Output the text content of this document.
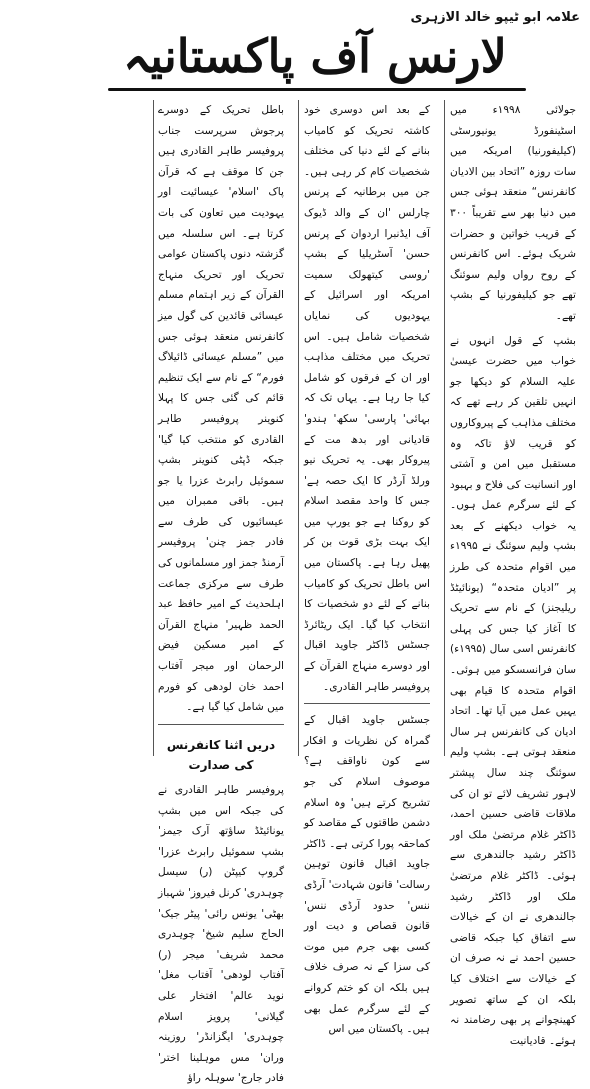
علامہ ابو ٹیپو خالد الازہری
لارنس آف پاکستانیہ

جولائی ۱۹۹۸ء میں اسٹینفورڈ یونیورسٹی (کیلیفورنیا) امریکہ میں سات روزہ ”اتحاد بین الادیان کانفرنس“ منعقد ہوئی جس میں دنیا بھر سے تقریباً ۳۰۰ کے قریب خواتین و حضرات شریک ہوئے۔ اس کانفرنس کے روح رواں ولیم سوئنگ تھے جو کیلیفورنیا کے بشپ تھے۔

بشپ کے قول انہوں نے خواب میں حضرت عیسیٰ علیہ السلام کو دیکھا جو انہیں تلقین کر رہے تھے کہ مختلف مذاہب کے پیروکاروں کو قریب لاؤ تاکہ وہ مستقبل میں امن و آشتی اور انسانیت کی فلاح و بہبود کے لئے سرگرم عمل ہوں۔ یہ خواب دیکھنے کے بعد بشپ ولیم سوئنگ نے ۱۹۹۵ء میں اقوام متحدہ کی طرز پر ”ادیان متحدہ“ (یونائیٹڈ ریلیجنز) کے نام سے تحریک کا آغاز کیا جس کی پہلی کانفرنس اسی سال (۱۹۹۵ء) سان فرانسسکو میں ہوئی۔ اقوام متحدہ کا قیام بھی یہیں عمل میں آیا تھا۔ اتحاد ادیان کی کانفرنس ہر سال منعقد ہوتی ہے۔ بشپ ولیم سوئنگ چند سال پیشتر لاہور تشریف لائے تو ان کی ملاقات قاضی حسین احمد، ڈاکٹر غلام مرتضیٰ ملک اور ڈاکٹر رشید جالندھری سے ہوئی۔ ڈاکٹر غلام مرتضیٰ ملک اور ڈاکٹر رشید جالندھری نے ان کے خیالات سے اتفاق کیا جبکہ قاضی حسین احمد نے نہ صرف ان کے خیالات سے اختلاف کیا بلکہ ان کے ساتھ تصویر کھینچوانے پر بھی رضامند نہ ہوئے۔ قادیانیت

کے بعد اس دوسری خود کاشتہ تحریک کو کامیاب بنانے کے لئے دنیا کی مختلف شخصیات کام کر رہی ہیں۔ جن میں برطانیہ کے پرنس چارلس 'ان کے والد ڈیوک آف ایڈنبرا اردوان کے پرنس حسن' آسٹریلیا کے بشپ 'روسی کیتھولک سمیت امریکہ اور اسرائیل کے یہودیوں کی نمایاں شخصیات شامل ہیں۔ اس تحریک میں مختلف مذاہب اور ان کے فرقوں کو شامل کیا جا رہا ہے۔ یہاں تک کہ بہائی' پارسی' سکھ' ہندو' قادیانی اور بدھ مت کے پیروکار بھی۔ یہ تحریک نیو ورلڈ آرڈر کا ایک حصہ ہے' جس کا واحد مقصد اسلام کو روکنا ہے جو یورپ میں ایک بہت بڑی قوت بن کر پھیل رہا ہے۔ پاکستان میں اس باطل تحریک کو کامیاب بنانے کے لئے دو شخصیات کا انتخاب کیا گیا۔ ایک ریٹائرڈ جسٹس ڈاکٹر جاوید اقبال اور دوسرے منہاج القرآن کے پروفیسر طاہر القادری۔

جسٹس جاوید اقبال کے گمراہ کن نظریات و افکار سے کون ناواقف ہے؟ موصوف اسلام کی جو تشریح کرتے ہیں' وہ اسلام دشمن طاقتوں کے مقاصد کو کماحقہ پورا کرتی ہے۔ ڈاکٹر جاوید اقبال قانون توہین رسالت' قانون شہادت' آرڈی ننس' حدود آرڈی ننس' قانون قصاص و دیت اور کسی بھی جرم میں موت کی سزا کے نہ صرف خلاف ہیں بلکہ ان کو ختم کروانے کے لئے سرگرم عمل بھی ہیں۔ پاکستان میں اس

باطل تحریک کے دوسرے پرجوش سرپرست جناب پروفیسر طاہر القادری ہیں جن کا موقف ہے کہ قرآن پاک 'اسلام' عیسائیت اور یہودیت میں تعاون کی بات کرتا ہے۔ اس سلسلہ میں گزشتہ دنوں پاکستان عوامی تحریک اور تحریک منہاج القرآن کے زیر اہتمام مسلم عیسائی قائدین کی گول میز کانفرنس منعقد ہوئی جس میں ”مسلم عیسائی ڈائیلاگ فورم“ کے نام سے ایک تنظیم قائم کی گئی جس کا پہلا کنوینر پروفیسر طاہر القادری کو منتخب کیا گیا' جبکہ ڈپٹی کنوینر بشپ سموئیل رابرٹ عزرا یا جو ہیں۔ باقی ممبران میں عیسائیوں کی طرف سے فادر جمز چنن' پروفیسر آرمنڈ جمز اور مسلمانوں کی طرف سے مرکزی جماعت اہلحدیث کے امیر حافظ عبد الحمد ظہیر' منہاج القرآن کے امیر مسکین فیض الرحمان اور میجر آفتاب احمد خان لودھی کو فورم میں شامل کیا گیا ہے۔

دریں اثنا کانفرنس کی صدارت

پروفیسر طاہر القادری نے کی جبکہ اس میں بشپ یونائیٹڈ ساؤتھ آرک جیمز' بشپ سموئیل رابرٹ عزرا' گروپ کیپٹن (ر) سیسل چوہدری' کرنل فیروز' شہباز بھٹی' یونس رائی' پیٹر جیک' الحاج سلیم شیخ' چوہدری محمد شریف' میجر (ر) آفتاب لودھی' آفتاب مغل' نوید عالم' افتخار علی گیلانی' پرویز اسلام چوہدری' ایگزانڈر' روزینہ وران' مس موہلینا اختر' فادر جارج' سوہلہ راؤ
